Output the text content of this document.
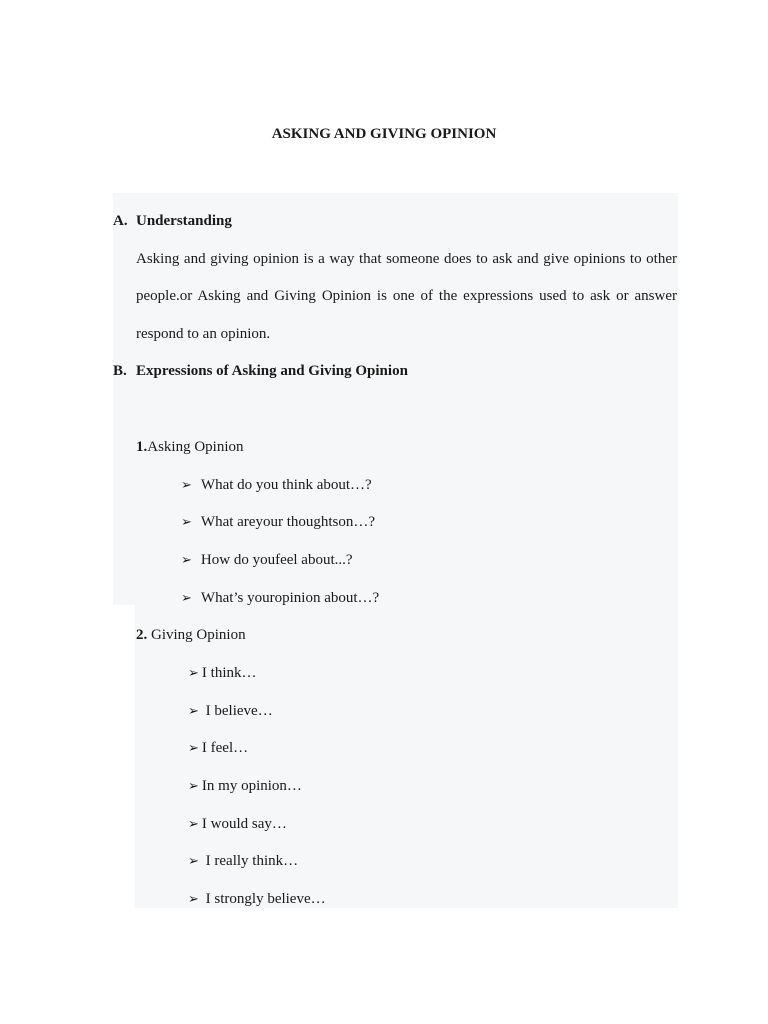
ASKING AND GIVING OPINION
A. Understanding
Asking and giving opinion is a way that someone does to ask and give opinions to other
people.or Asking and Giving Opinion is one of the expressions used to ask or answer
respond to an opinion.
B. Expressions of Asking and Giving Opinion
1.Asking Opinion
➢ What do you think about…?
➢ What areyour thoughtson…?
➢ How do youfeel about...?
➢ What’s youropinion about…?
2. Giving Opinion
➢ I think…
➢ I believe…
➢ I feel…
➢ In my opinion…
➢ I would say…
➢ I really think…
➢ I strongly believe…
